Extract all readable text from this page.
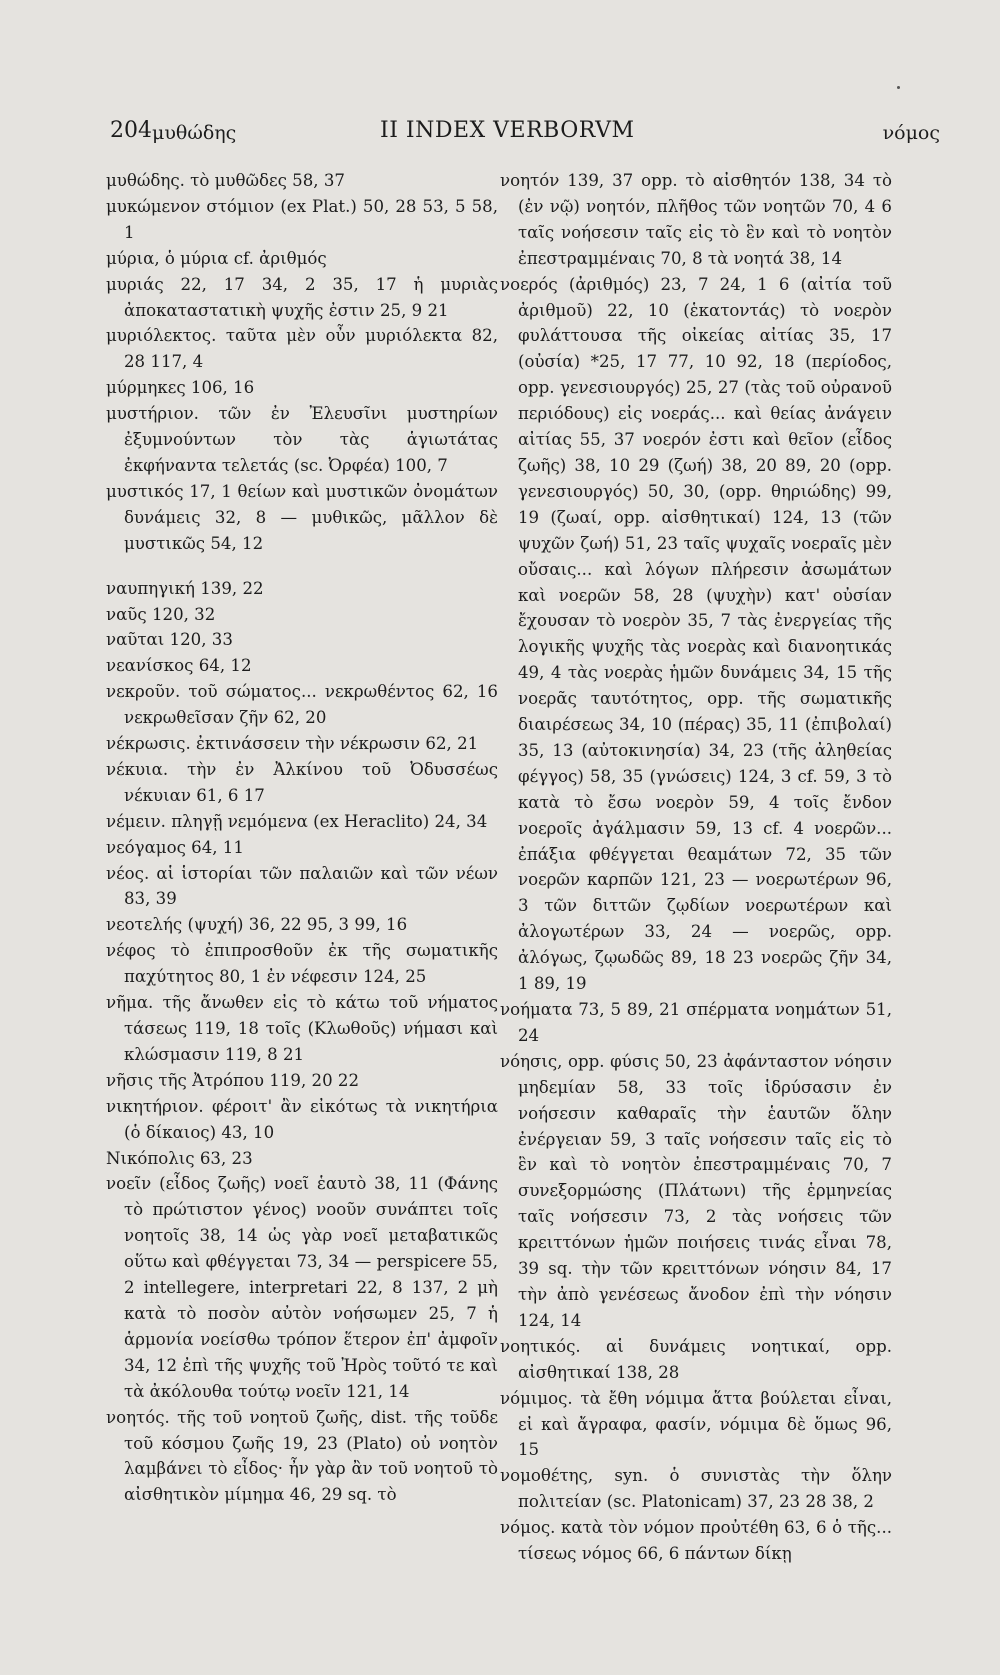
204 μυθώδης	II INDEX VERBORVM	νόμος

μυθώδης. τὸ μυθῶδες 58, 37

μυκώμενον στόμιον (ex Plat.) 50, 28 53, 5 58, 1

μύρια, ὁ μύρια cf. ἀριθμός

μυριάς 22, 17 34, 2 35, 17 ἡ μυριὰς ἀποκαταστατικὴ ψυχῆς ἐστιν 25, 9 21

μυριόλεκτος. ταῦτα μὲν οὖν μυριόλεκτα 82, 28 117, 4

μύρμηκες 106, 16

μυστήριον. τῶν ἐν Ἐλευσῖνι μυστηρίων ἐξυμνούντων τὸν τὰς ἁγιωτάτας ἐκφήναντα τελετάς (sc. Ὀρφέα) 100, 7

μυστικός 17, 1 θείων καὶ μυστικῶν ὀνομάτων δυνάμεις 32, 8 — μυθικῶς, μᾶλλον δὲ μυστικῶς 54, 12

ναυπηγική 139, 22

ναῦς 120, 32

ναῦται 120, 33

νεανίσκος 64, 12

νεκροῦν. τοῦ σώματος... νεκρωθέντος 62, 16 νεκρωθεῖσαν ζῆν 62, 20

νέκρωσις. ἐκτινάσσειν τὴν νέκρωσιν 62, 21

νέκυια. τὴν ἐν Ἀλκίνου τοῦ Ὀδυσσέως νέκυιαν 61, 6 17

νέμειν. πληγῇ νεμόμενα (ex Heraclito) 24, 34

νεόγαμος 64, 11

νέος. αἱ ἱστορίαι τῶν παλαιῶν καὶ τῶν νέων 83, 39

νεοτελής (ψυχή) 36, 22 95, 3 99, 16

νέφος τὸ ἐπιπροσθοῦν ἐκ τῆς σωματικῆς παχύτητος 80, 1 ἐν νέφεσιν 124, 25

νῆμα. τῆς ἄνωθεν εἰς τὸ κάτω τοῦ νήματος τάσεως 119, 18 τοῖς (Κλωθοῦς) νήμασι καὶ κλώσμασιν 119, 8 21

νῆσις τῆς Ἀτρόπου 119, 20 22

νικητήριον. φέροιτ' ἂν εἰκότως τὰ νικητήρια (ὁ δίκαιος) 43, 10

Νικόπολις 63, 23

νοεῖν (εἶδος ζωῆς) νοεῖ ἑαυτὸ 38, 11 (Φάνης τὸ πρώτιστον γένος) νοοῦν συνάπτει τοῖς νοητοῖς 38, 14 ὡς γὰρ νοεῖ μεταβατικῶς οὕτω καὶ φθέγγεται 73, 34 — perspicere 55, 2 intellegere, interpretari 22, 8 137, 2 μὴ κατὰ τὸ ποσὸν αὐτὸν νοήσωμεν 25, 7 ἡ ἁρμονία νοείσθω τρόπον ἕτερον ἐπ' ἀμφοῖν 34, 12 ἐπὶ τῆς ψυχῆς τοῦ Ἠρὸς τοῦτό τε καὶ τὰ ἀκόλουθα τούτῳ νοεῖν 121, 14

νοητός. τῆς τοῦ νοητοῦ ζωῆς, dist. τῆς τοῦδε τοῦ κόσμου ζωῆς 19, 23 (Plato) οὐ νοητὸν λαμβάνει τὸ εἶδος· ἦν γὰρ ἂν τοῦ νοητοῦ τὸ αἰσθητικὸν μίμημα 46, 29 sq. τὸ

νοητόν 139, 37 opp. τὸ αἰσθητόν 138, 34 τὸ (ἐν νῷ) νοητόν, πλῆθος τῶν νοητῶν 70, 4 6 ταῖς νοήσεσιν ταῖς εἰς τὸ ἓν καὶ τὸ νοητὸν ἐπεστραμμέναις 70, 8 τὰ νοητά 38, 14

νοερός (ἀριθμός) 23, 7 24, 1 6 (αἰτία τοῦ ἀριθμοῦ) 22, 10 (ἑκατοντάς) τὸ νοερὸν φυλάττουσα τῆς οἰκείας αἰτίας 35, 17 (οὐσία) *25, 17 77, 10 92, 18 (περίοδος, opp. γενεσιουργός) 25, 27 (τὰς τοῦ οὐρανοῦ περιόδους) εἰς νοεράς... καὶ θείας ἀνάγειν αἰτίας 55, 37 νοερόν ἐστι καὶ θεῖον (εἶδος ζωῆς) 38, 10 29 (ζωή) 38, 20 89, 20 (opp. γενεσιουργός) 50, 30, (opp. θηριώδης) 99, 19 (ζωαί, opp. αἰσθητικαί) 124, 13 (τῶν ψυχῶν ζωή) 51, 23 ταῖς ψυχαῖς νοεραῖς μὲν οὔσαις... καὶ λόγων πλήρεσιν ἀσωμάτων καὶ νοερῶν 58, 28 (ψυχὴν) κατ' οὐσίαν ἔχουσαν τὸ νοερὸν 35, 7 τὰς ἐνεργείας τῆς λογικῆς ψυχῆς τὰς νοερὰς καὶ διανοητικάς 49, 4 τὰς νοερὰς ἡμῶν δυνάμεις 34, 15 τῆς νοερᾶς ταυτότητος, opp. τῆς σωματικῆς διαιρέσεως 34, 10 (πέρας) 35, 11 (ἐπιβολαί) 35, 13 (αὐτοκινησία) 34, 23 (τῆς ἀληθείας φέγγος) 58, 35 (γνώσεις) 124, 3 cf. 59, 3 τὸ κατὰ τὸ ἔσω νοερὸν 59, 4 τοῖς ἔνδον νοεροῖς ἀγάλμασιν 59, 13 cf. 4 νοερῶν... ἐπάξια φθέγγεται θεαμάτων 72, 35 τῶν νοερῶν καρπῶν 121, 23 — νοερωτέρων 96, 3 τῶν διττῶν ζῳδίων νοερωτέρων καὶ ἀλογωτέρων 33, 24 — νοερῶς, opp. ἀλόγως, ζῳωδῶς 89, 18 23 νοερῶς ζῆν 34, 1 89, 19

νοήματα 73, 5 89, 21 σπέρματα νοημάτων 51, 24

νόησις, opp. φύσις 50, 23 ἀφάνταστον νόησιν μηδεμίαν 58, 33 τοῖς ἱδρύσασιν ἐν νοήσεσιν καθαραῖς τὴν ἑαυτῶν ὅλην ἐνέργειαν 59, 3 ταῖς νοήσεσιν ταῖς εἰς τὸ ἓν καὶ τὸ νοητὸν ἐπεστραμμέναις 70, 7 συνεξορμώσης (Πλάτωνι) τῆς ἑρμηνείας ταῖς νοήσεσιν 73, 2 τὰς νοήσεις τῶν κρειττόνων ἡμῶν ποιήσεις τινάς εἶναι 78, 39 sq. τὴν τῶν κρειττόνων νόησιν 84, 17 τὴν ἀπὸ γενέσεως ἄνοδον ἐπὶ τὴν νόησιν 124, 14

νοητικός. αἱ δυνάμεις νοητικαί, opp. αἰσθητικαί 138, 28

νόμιμος. τὰ ἔθη νόμιμα ἅττα βούλεται εἶναι, εἰ καὶ ἄγραφα, φασίν, νόμιμα δὲ ὅμως 96, 15

νομοθέτης, syn. ὁ συνιστὰς τὴν ὅλην πολιτείαν (sc. Platonicam) 37, 23 28 38, 2

νόμος. κατὰ τὸν νόμον προὐτέθη 63, 6 ὁ τῆς... τίσεως νόμος 66, 6 πάντων δίκῃ
